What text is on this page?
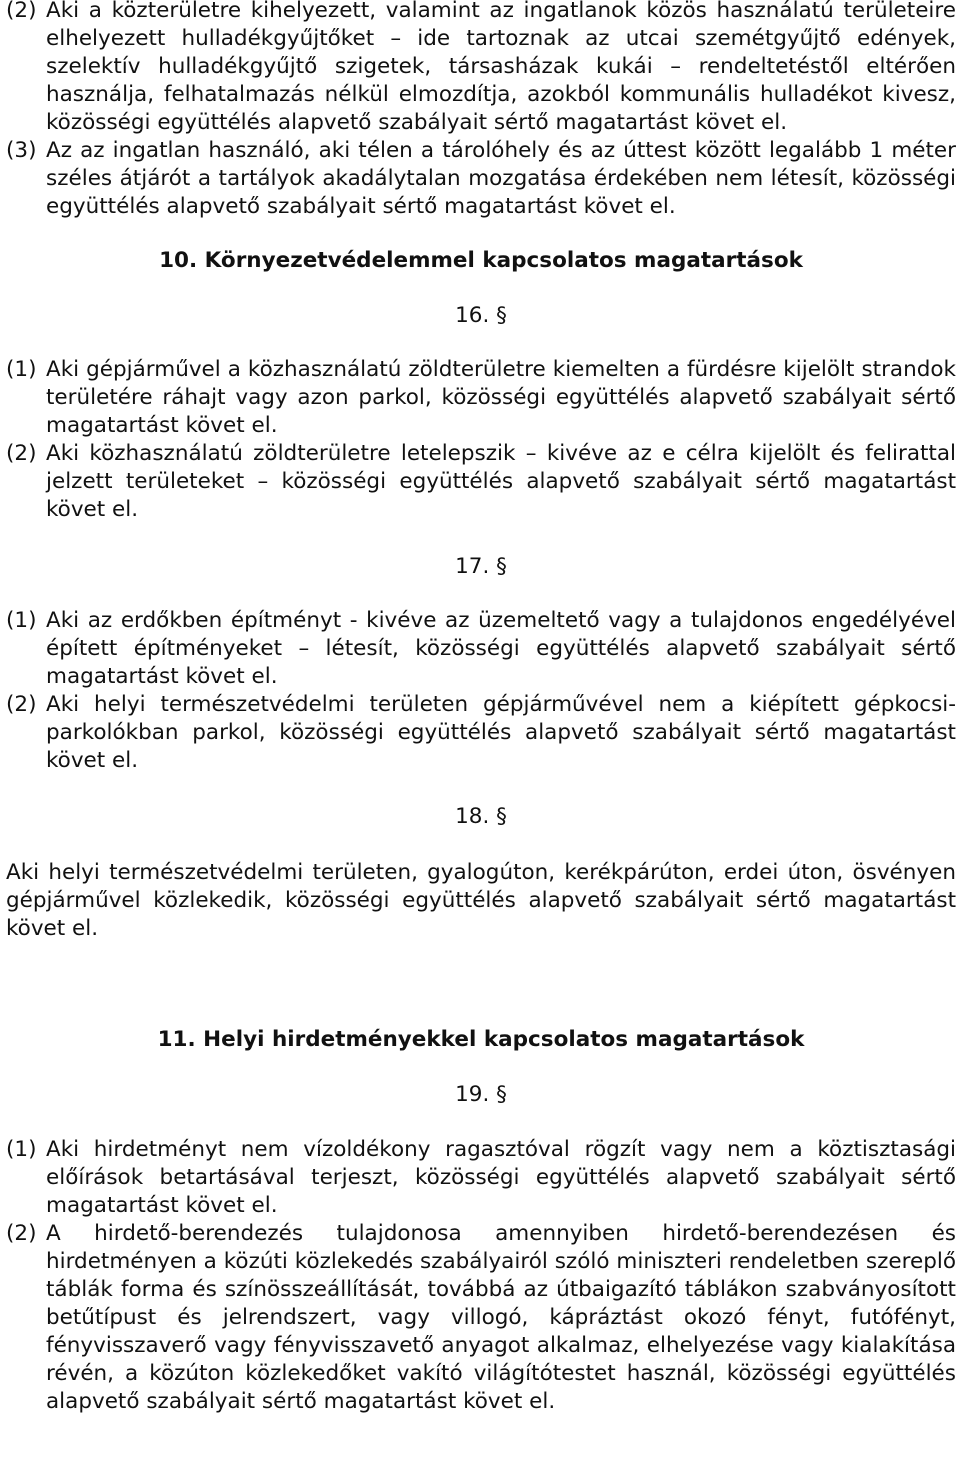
(2) Aki a közterületre kihelyezett, valamint az ingatlanok közös használatú területeire elhelyezett hulladékgyűjtőket – ide tartoznak az utcai szemétgyűjtő edények, szelektív hulladékgyűjtő szigetek, társasházak kukái – rendeltetéstől eltérően használja, felhatalmazás nélkül elmozdítja, azokból kommunális hulladékot kivesz, közösségi együttélés alapvető szabályait sértő magatartást követ el.
(3) Az az ingatlan használó, aki télen a tárolóhely és az úttest között legalább 1 méter széles átjárót a tartályok akadálytalan mozgatása érdekében nem létesít, közösségi együttélés alapvető szabályait sértő magatartást követ el.
10. Környezetvédelemmel kapcsolatos magatartások
16. §
(1) Aki gépjárművel a közhasználatú zöldterületre kiemelten a fürdésre kijelölt strandok területére ráhajt vagy azon parkol, közösségi együttélés alapvető szabályait sértő magatartást követ el.
(2) Aki közhasználatú zöldterületre letelepszik – kivéve az e célra kijelölt és felirattal jelzett területeket – közösségi együttélés alapvető szabályait sértő magatartást követ el.
17. §
(1) Aki az erdőkben építményt - kivéve az üzemeltető vagy a tulajdonos engedélyével épített építményeket – létesít, közösségi együttélés alapvető szabályait sértő magatartást követ el.
(2) Aki helyi természetvédelmi területen gépjárművével nem a kiépített gépkocsi-parkolókban parkol, közösségi együttélés alapvető szabályait sértő magatartást követ el.
18. §
Aki helyi természetvédelmi területen, gyalogúton, kerékpárúton, erdei úton, ösvényen gépjárművel közlekedik, közösségi együttélés alapvető szabályait sértő magatartást követ el.
11. Helyi hirdetményekkel kapcsolatos magatartások
19. §
(1) Aki hirdetményt nem vízoldékony ragasztóval rögzít vagy nem a köztisztasági előírások betartásával terjeszt, közösségi együttélés alapvető szabályait sértő magatartást követ el.
(2) A hirdető-berendezés tulajdonosa amennyiben hirdető-berendezésen és hirdetményen a közúti közlekedés szabályairól szóló miniszteri rendeletben szereplő táblák forma és színösszeállítását, továbbá az útbaigazító táblákon szabványosított betűtípust és jelrendszert, vagy villogó, kápráztást okozó fényt, futófényt, fényvisszaverő vagy fényvisszavető anyagot alkalmaz, elhelyezése vagy kialakítása révén, a közúton közlekedőket vakító világítótestet használ, közösségi együttélés alapvető szabályait sértő magatartást követ el.
